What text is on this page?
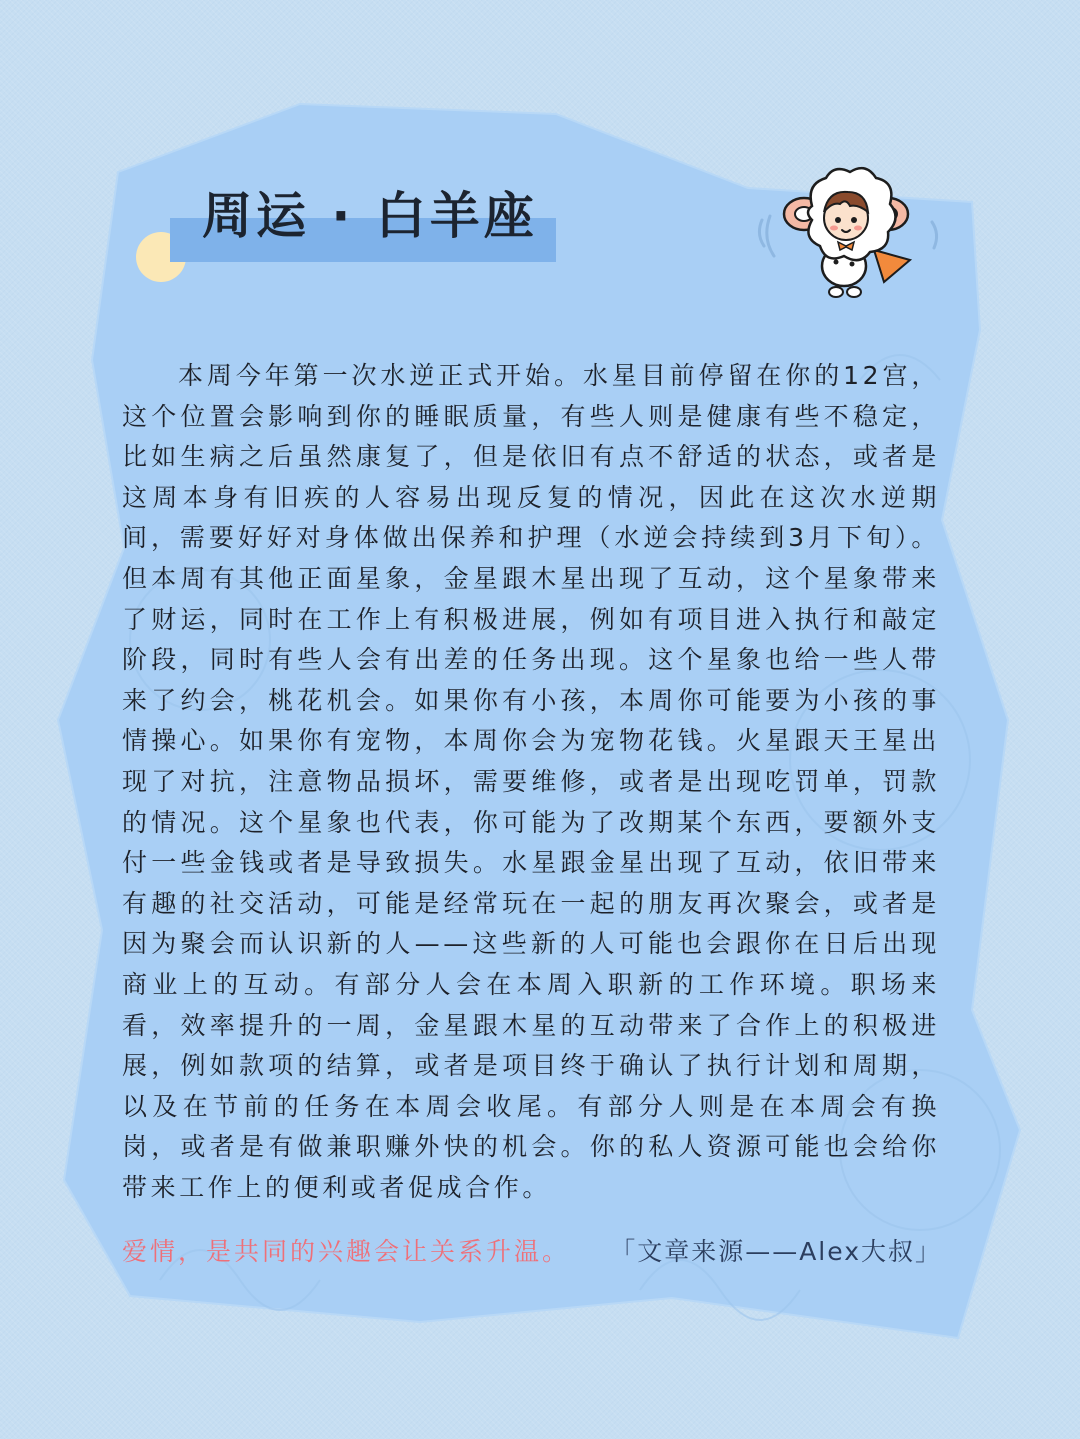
周运 · 白羊座

本周今年第一次水逆正式开始。水星目前停留在你的12宫，这个位置会影响到你的睡眠质量，有些人则是健康有些不稳定，比如生病之后虽然康复了，但是依旧有点不舒适的状态，或者是这周本身有旧疾的人容易出现反复的情况，因此在这次水逆期间，需要好好对身体做出保养和护理（水逆会持续到3月下旬）。但本周有其他正面星象，金星跟木星出现了互动，这个星象带来了财运，同时在工作上有积极进展，例如有项目进入执行和敲定阶段，同时有些人会有出差的任务出现。这个星象也给一些人带来了约会，桃花机会。如果你有小孩，本周你可能要为小孩的事情操心。如果你有宠物，本周你会为宠物花钱。火星跟天王星出现了对抗，注意物品损坏，需要维修，或者是出现吃罚单，罚款的情况。这个星象也代表，你可能为了改期某个东西，要额外支付一些金钱或者是导致损失。水星跟金星出现了互动，依旧带来有趣的社交活动，可能是经常玩在一起的朋友再次聚会，或者是因为聚会而认识新的人——这些新的人可能也会跟你在日后出现商业上的互动。有部分人会在本周入职新的工作环境。职场来看，效率提升的一周，金星跟木星的互动带来了合作上的积极进展，例如款项的结算，或者是项目终于确认了执行计划和周期，以及在节前的任务在本周会收尾。有部分人则是在本周会有换岗，或者是有做兼职赚外快的机会。你的私人资源可能也会给你带来工作上的便利或者促成合作。

爱情，是共同的兴趣会让关系升温。 「文章来源——Alex大叔」
